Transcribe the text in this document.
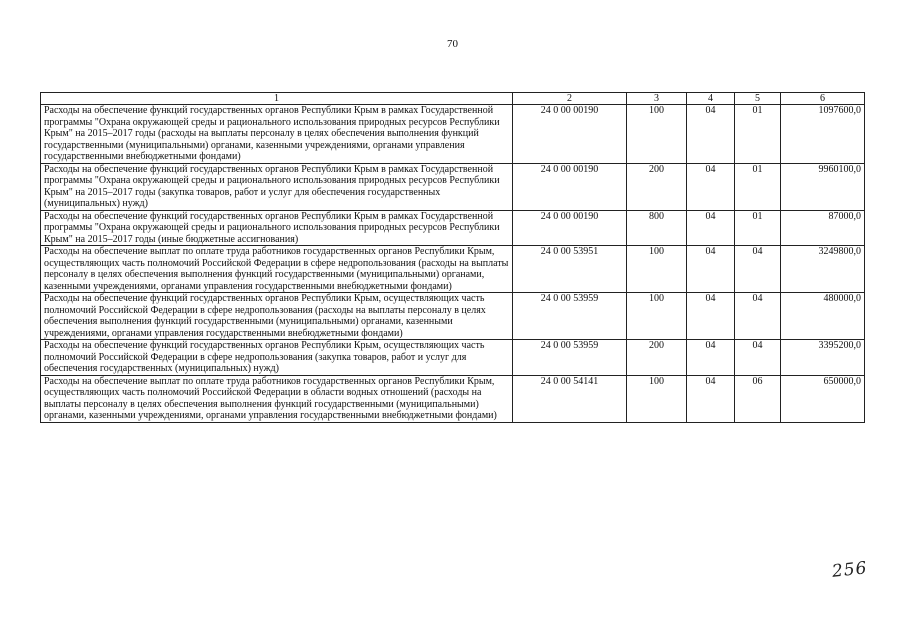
70
1	2	3	4	5	6
Расходы на обеспечение функций государственных органов Республики Крым в рамках Государственной программы "Охрана окружающей среды и рационального использования природных ресурсов Республики Крым" на 2015–2017 годы (расходы на выплаты персоналу в целях обеспечения выполнения функций государственными (муниципальными) органами, казенными учреждениями, органами управления государственными внебюджетными фондами)	24 0 00 00190	100	04	01	1097600,0
Расходы на обеспечение функций государственных органов Республики Крым в рамках Государственной программы "Охрана окружающей среды и рационального использования природных ресурсов Республики Крым" на 2015–2017 годы (закупка товаров, работ и услуг для обеспечения государственных (муниципальных) нужд)	24 0 00 00190	200	04	01	9960100,0
Расходы на обеспечение функций государственных органов Республики Крым в рамках Государственной программы "Охрана окружающей среды и рационального использования природных ресурсов Республики Крым" на 2015–2017 годы (иные бюджетные ассигнования)	24 0 00 00190	800	04	01	87000,0
Расходы на обеспечение выплат по оплате труда работников государственных органов Республики Крым, осуществляющих часть полномочий Российской Федерации в сфере недропользования (расходы на выплаты персоналу в целях обеспечения выполнения функций государственными (муниципальными) органами, казенными учреждениями, органами управления государственными внебюджетными фондами)	24 0 00 53951	100	04	04	3249800,0
Расходы на обеспечение функций государственных органов Республики Крым, осуществляющих часть полномочий Российской Федерации в сфере недропользования (расходы на выплаты персоналу в целях обеспечения выполнения функций государственными (муниципальными) органами, казенными учреждениями, органами управления государственными внебюджетными фондами)	24 0 00 53959	100	04	04	480000,0
Расходы на обеспечение функций государственных органов Республики Крым, осуществляющих часть полномочий Российской Федерации в сфере недропользования (закупка товаров, работ и услуг для обеспечения государственных (муниципальных) нужд)	24 0 00 53959	200	04	04	3395200,0
Расходы на обеспечение выплат по оплате труда работников государственных органов Республики Крым, осуществляющих часть полномочий Российской Федерации в области водных отношений (расходы на выплаты персоналу в целях обеспечения выполнения функций государственными (муниципальными) органами, казенными учреждениями, органами управления государственными внебюджетными фондами)	24 0 00 54141	100	04	06	650000,0
256
